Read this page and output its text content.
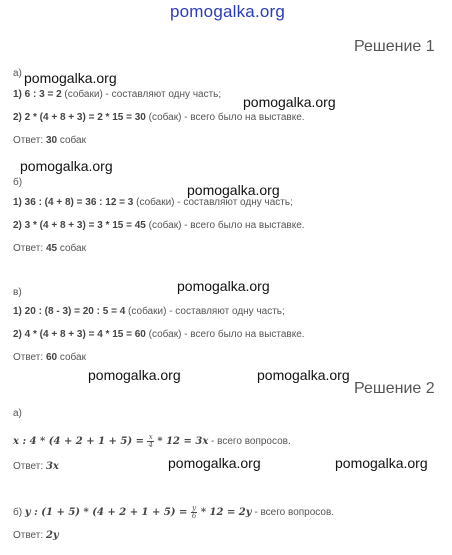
pomogalka.org
Решение 1
а)
1) 6 : 3 = 2 (собаки) - составляют одну часть;
2) 2 * (4 + 8 + 3) = 2 * 15 = 30 (собак) - всего было на выставке.
Ответ: 30 собак
б)
1) 36 : (4 + 8) = 36 : 12 = 3 (собаки) - составляют одну часть;
2) 3 * (4 + 8 + 3) = 3 * 15 = 45 (собак) - всего было на выставке.
Ответ: 45 собак
в)
1) 20 : (8 - 3) = 20 : 5 = 4 (собаки) - составляют одну часть;
2) 4 * (4 + 8 + 3) = 4 * 15 = 60 (собак) - всего было на выставке.
Ответ: 60 собак
Решение 2
а)
x : $4 * (4 + 2 + 1 + 5) = \frac{x}{4} * 12 = 3x$ - всего вопросов.
Ответ: 3x
б) y : $(1 + 5) * (4 + 2 + 1 + 5) = \frac{y}{6} * 12 = 2y$ - всего вопросов.
Ответ: 2y
pomogalka.org
pomogalka.org
pomogalka.org
pomogalka.org
pomogalka.org
pomogalka.org	pomogalka.org
pomogalka.org	pomogalka.org
